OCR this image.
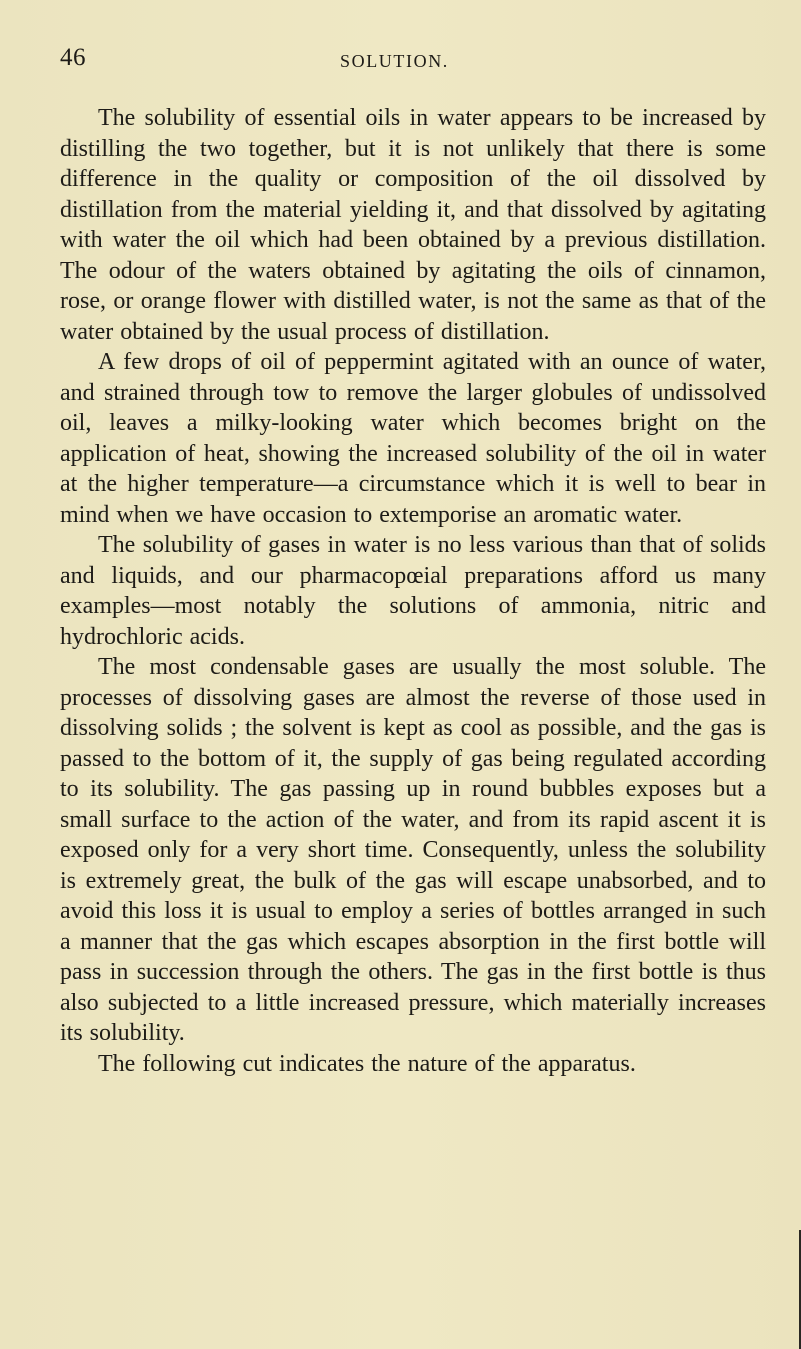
46	SOLUTION.

The solubility of essential oils in water appears to be increased by distilling the two together, but it is not unlikely that there is some difference in the quality or composition of the oil dissolved by distillation from the material yielding it, and that dissolved by agitating with water the oil which had been obtained by a previous distillation. The odour of the waters obtained by agitating the oils of cinnamon, rose, or orange flower with distilled water, is not the same as that of the water obtained by the usual process of distillation.

A few drops of oil of peppermint agitated with an ounce of water, and strained through tow to remove the larger globules of undissolved oil, leaves a milky-looking water which becomes bright on the application of heat, showing the increased solubility of the oil in water at the higher temperature—a circumstance which it is well to bear in mind when we have occasion to extemporise an aromatic water.

The solubility of gases in water is no less various than that of solids and liquids, and our pharmacopœial preparations afford us many examples—most notably the solutions of ammonia, nitric and hydrochloric acids.

The most condensable gases are usually the most soluble. The processes of dissolving gases are almost the reverse of those used in dissolving solids ; the solvent is kept as cool as possible, and the gas is passed to the bottom of it, the supply of gas being regulated according to its solubility. The gas passing up in round bubbles exposes but a small surface to the action of the water, and from its rapid ascent it is exposed only for a very short time. Consequently, unless the solubility is extremely great, the bulk of the gas will escape unabsorbed, and to avoid this loss it is usual to employ a series of bottles arranged in such a manner that the gas which escapes absorption in the first bottle will pass in succession through the others. The gas in the first bottle is thus also subjected to a little increased pressure, which materially increases its solubility.

The following cut indicates the nature of the apparatus.
